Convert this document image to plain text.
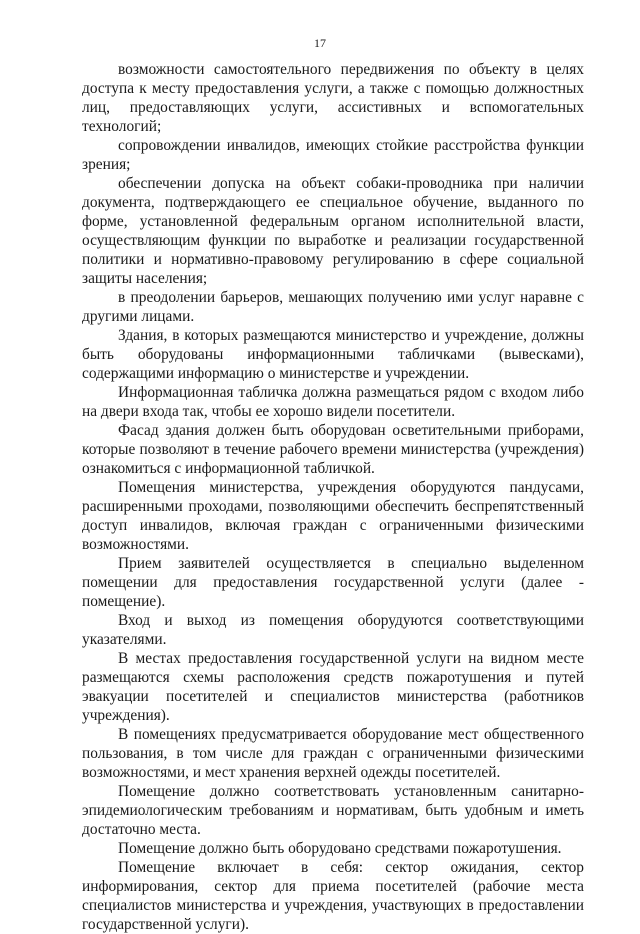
17

возможности самостоятельного передвижения по объекту в целях доступа к месту предоставления услуги, а также с помощью должностных лиц, предоставляющих услуги, ассистивных и вспомогательных технологий;

сопровождении инвалидов, имеющих стойкие расстройства функции зрения;

обеспечении допуска на объект собаки-проводника при наличии документа, подтверждающего ее специальное обучение, выданного по форме, установленной федеральным органом исполнительной власти, осуществляющим функции по выработке и реализации государственной политики и нормативно-правовому регулированию в сфере социальной защиты населения;

в преодолении барьеров, мешающих получению ими услуг наравне с другими лицами.

Здания, в которых размещаются министерство и учреждение, должны быть оборудованы информационными табличками (вывесками), содержащими информацию о министерстве и учреждении.

Информационная табличка должна размещаться рядом с входом либо на двери входа так, чтобы ее хорошо видели посетители.

Фасад здания должен быть оборудован осветительными приборами, которые позволяют в течение рабочего времени министерства (учреждения) ознакомиться с информационной табличкой.

Помещения министерства, учреждения оборудуются пандусами, расширенными проходами, позволяющими обеспечить беспрепятственный доступ инвалидов, включая граждан с ограниченными физическими возможностями.

Прием заявителей осуществляется в специально выделенном помещении для предоставления государственной услуги (далее - помещение).

Вход и выход из помещения оборудуются соответствующими указателями.

В местах предоставления государственной услуги на видном месте размещаются схемы расположения средств пожаротушения и путей эвакуации посетителей и специалистов министерства (работников учреждения).

В помещениях предусматривается оборудование мест общественного пользования, в том числе для граждан с ограниченными физическими возможностями, и мест хранения верхней одежды посетителей.

Помещение должно соответствовать установленным санитарно-эпидемиологическим требованиям и нормативам, быть удобным и иметь достаточно места.

Помещение должно быть оборудовано средствами пожаротушения.

Помещение включает в себя: сектор ожидания, сектор информирования, сектор для приема посетителей (рабочие места специалистов министерства и учреждения, участвующих в предоставлении государственной услуги).
